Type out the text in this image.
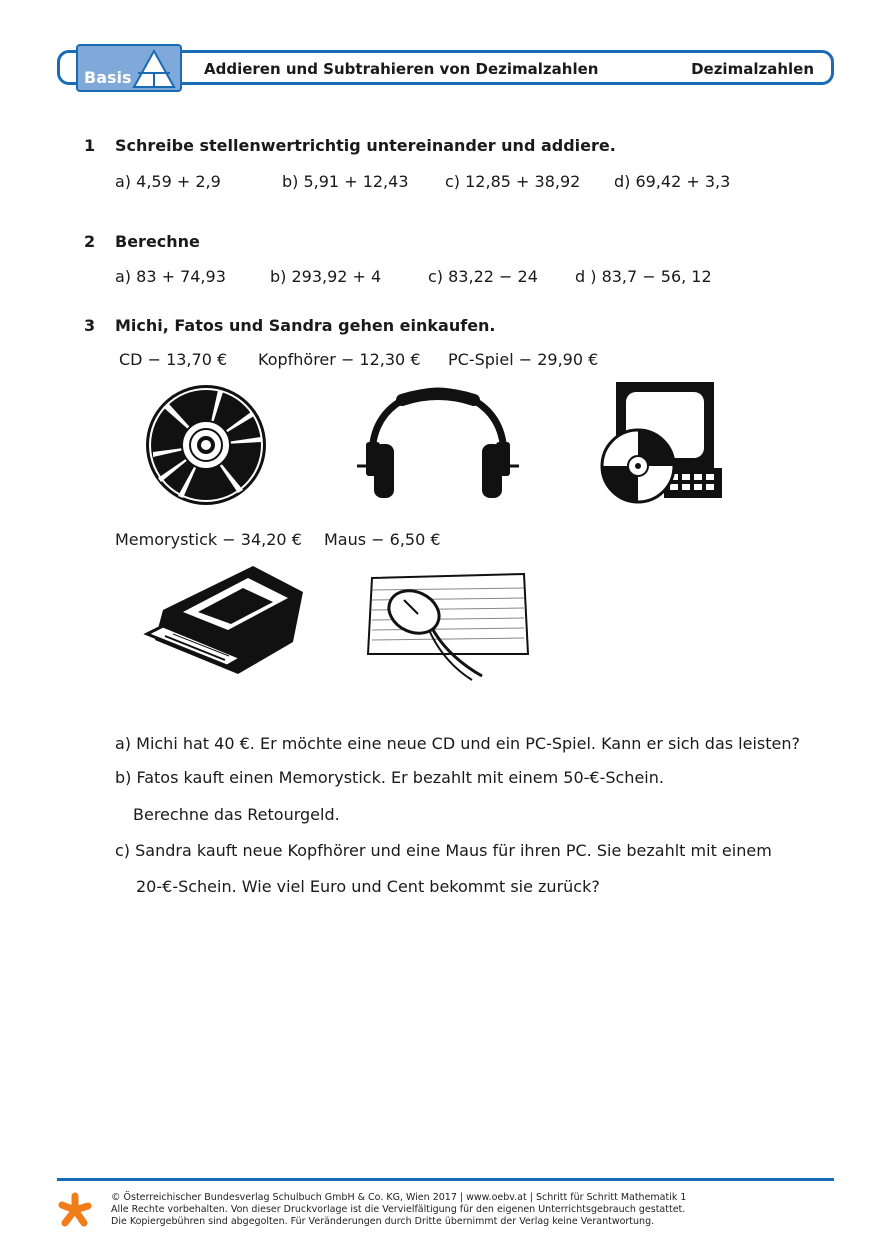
Basis	Addieren und Subtrahieren von Dezimalzahlen	Dezimalzahlen
1 Schreibe stellenwertrichtig untereinander und addiere.
a) 4,59 + 2,9	b) 5,91 + 12,43 c) 12,85 + 38,92 d) 69,42 + 3,3
2 Berechne
a) 83 + 74,93	b) 293,92 + 4	c) 83,22 − 24 d ) 83,7 − 56, 12
3 Michi, Fatos und Sandra gehen einkaufen.
CD − 13,70 € Kopfhörer − 12,30 € PC-Spiel − 29,90 €
Memorystick − 34,20 € Maus − 6,50 €
a) Michi hat 40 €. Er möchte eine neue CD und ein PC-Spiel. Kann er sich das leisten?
b) Fatos kauft einen Memorystick. Er bezahlt mit einem 50-€-Schein.
Berechne das Retourgeld.
c) Sandra kauft neue Kopfhörer und eine Maus für ihren PC. Sie bezahlt mit einem
20-€-Schein. Wie viel Euro und Cent bekommt sie zurück?
© Österreichischer Bundesverlag Schulbuch GmbH & Co. KG, Wien 2017 | www.oebv.at | Schritt für Schritt Mathematik 1
Alle Rechte vorbehalten. Von dieser Druckvorlage ist die Vervielfältigung für den eigenen Unterrichtsgebrauch gestattet.
Die Kopiergebühren sind abgegolten. Für Veränderungen durch Dritte übernimmt der Verlag keine Verantwortung.
